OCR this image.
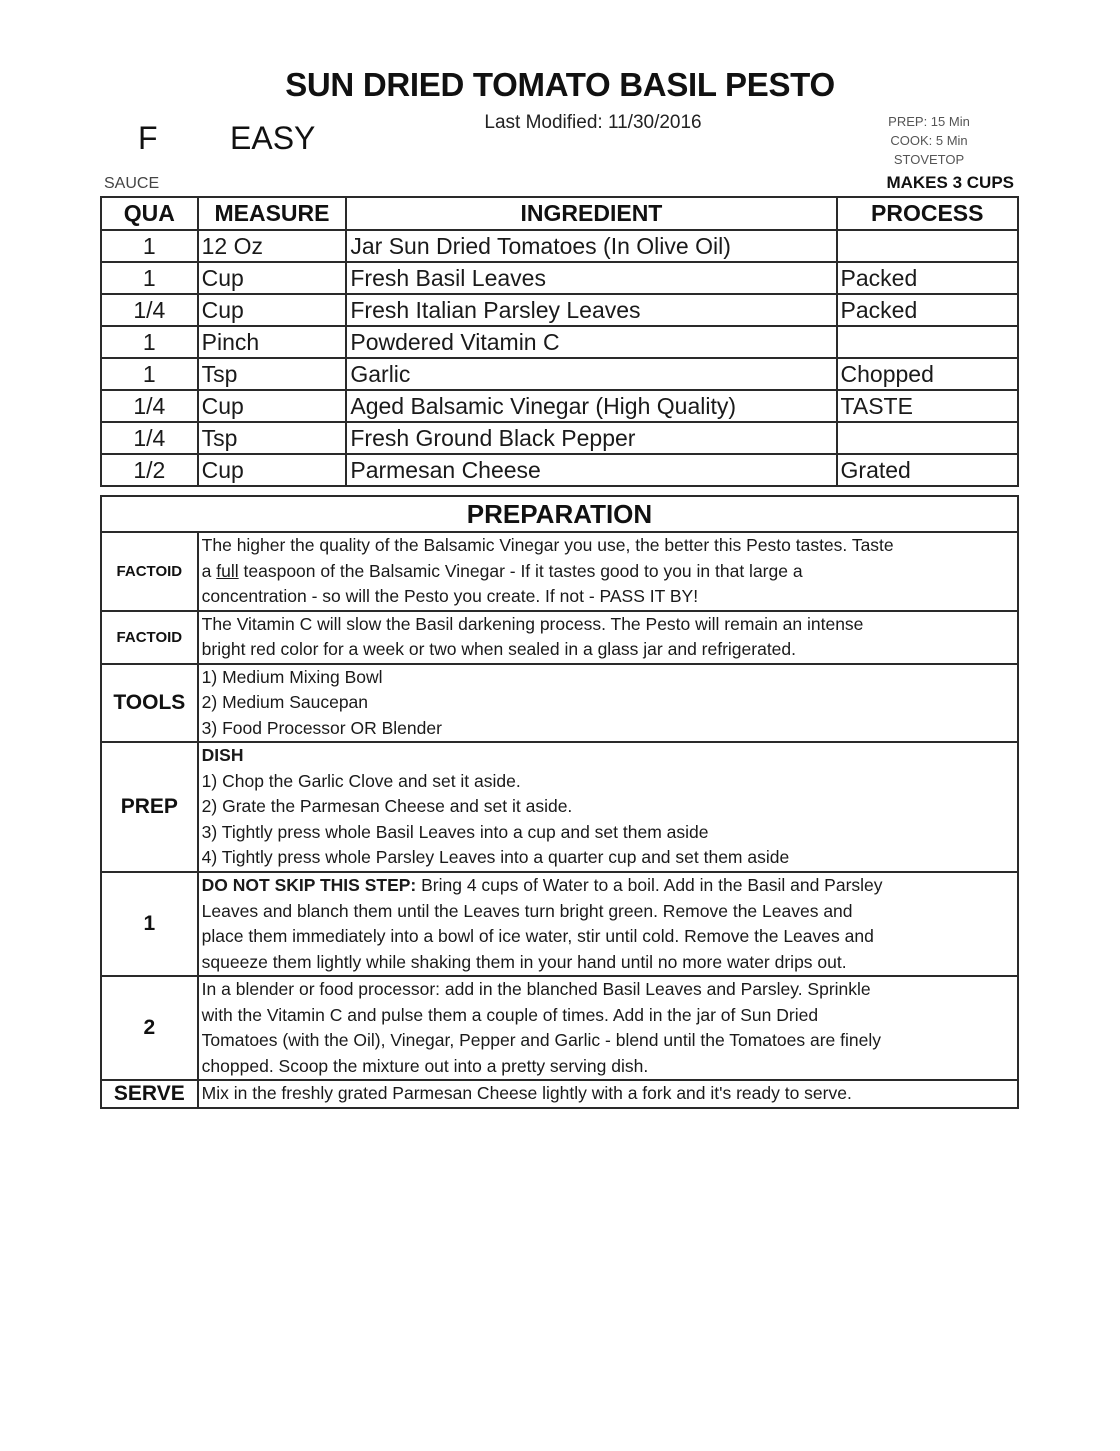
SUN DRIED TOMATO BASIL PESTO
F EASY	Last Modified: 11/30/2016	PREP: 15 Min
COOK: 5 Min
STOVETOP
SAUCE	MAKES 3 CUPS
QUA	MEASURE	INGREDIENT	PROCESS
1	12 Oz	Jar Sun Dried Tomatoes (In Olive Oil)	
1	Cup	Fresh Basil Leaves	Packed
1/4	Cup	Fresh Italian Parsley Leaves	Packed
1	Pinch	Powdered Vitamin C	
1	Tsp	Garlic	Chopped
1/4	Cup	Aged Balsamic Vinegar (High Quality)	TASTE
1/4	Tsp	Fresh Ground Black Pepper	
1/2	Cup	Parmesan Cheese	Grated
PREPARATION	
FACTOID	The higher the quality of the Balsamic Vinegar you use, the better this Pesto tastes. Taste
a full teaspoon of the Balsamic Vinegar - If it tastes good to you in that large a
concentration - so will the Pesto you create. If not - PASS IT BY!

FACTOID	The Vitamin C will slow the Basil darkening process. The Pesto will remain an intense
bright red color for a week or two when sealed in a glass jar and refrigerated.

TOOLS	1) Medium Mixing Bowl
2) Medium Saucepan
3) Food Processor OR Blender

PREP	DISH
1) Chop the Garlic Clove and set it aside.
2) Grate the Parmesan Cheese and set it aside.
3) Tightly press whole Basil Leaves into a cup and set them aside
4) Tightly press whole Parsley Leaves into a quarter cup and set them aside

1	DO NOT SKIP THIS STEP: Bring 4 cups of Water to a boil. Add in the Basil and Parsley
Leaves and blanch them until the Leaves turn bright green. Remove the Leaves and
place them immediately into a bowl of ice water, stir until cold. Remove the Leaves and
squeeze them lightly while shaking them in your hand until no more water drips out.

2	In a blender or food processor: add in the blanched Basil Leaves and Parsley. Sprinkle
with the Vitamin C and pulse them a couple of times. Add in the jar of Sun Dried
Tomatoes (with the Oil), Vinegar, Pepper and Garlic - blend until the Tomatoes are finely
chopped. Scoop the mixture out into a pretty serving dish.

SERVE	Mix in the freshly grated Parmesan Cheese lightly with a fork and it's ready to serve.
